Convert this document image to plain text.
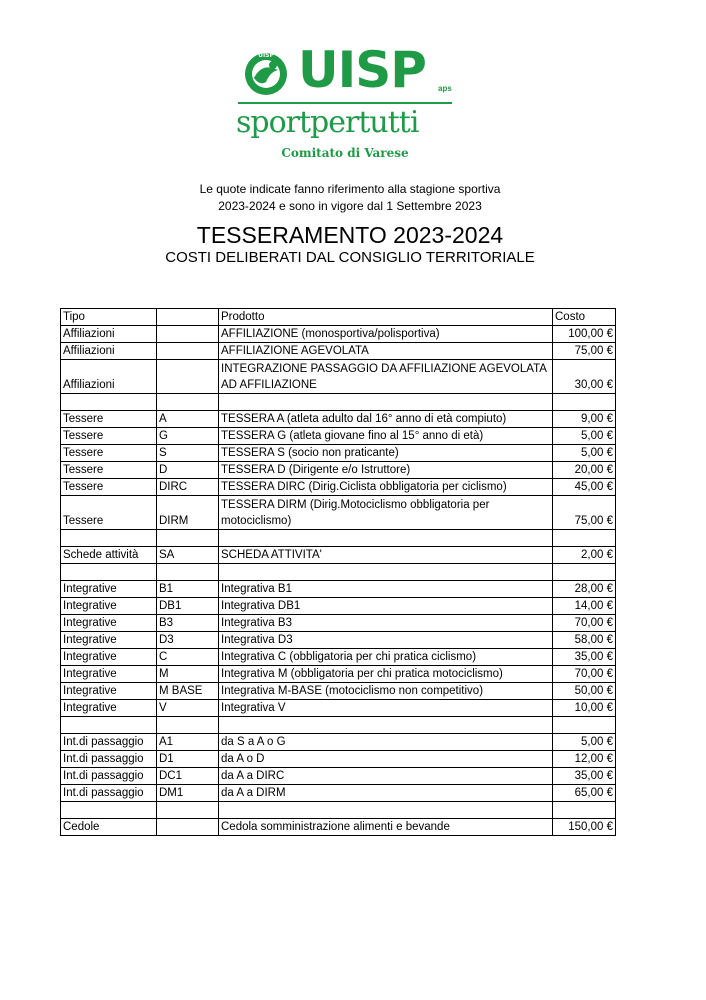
UISP UISP aps
sportpertutti
Comitato di Varese
Le quote indicate fanno riferimento alla stagione sportiva
2023-2024 e sono in vigore dal 1 Settembre 2023
TESSERAMENTO 2023-2024
COSTI DELIBERATI DAL CONSIGLIO TERRITORIALE
Tipo		Prodotto	Costo
Affiliazioni		AFFILIAZIONE (monosportiva/polisportiva)	100,00 €
Affiliazioni		AFFILIAZIONE AGEVOLATA	75,00 €
Affiliazioni		INTEGRAZIONE PASSAGGIO DA AFFILIAZIONE AGEVOLATA AD AFFILIAZIONE	30,00 €

Tessere	A	TESSERA A (atleta adulto dal 16° anno di età compiuto)	9,00 €
Tessere	G	TESSERA G (atleta giovane fino al 15° anno di età)	5,00 €
Tessere	S	TESSERA S (socio non praticante)	5,00 €
Tessere	D	TESSERA D (Dirigente e/o Istruttore)	20,00 €
Tessere	DIRC	TESSERA DIRC (Dirig.Ciclista obbligatoria per ciclismo)	45,00 €
Tessere	DIRM	TESSERA DIRM (Dirig.Motociclismo obbligatoria per motociclismo)	75,00 €

Schede attività	SA	SCHEDA ATTIVITA'	2,00 €

Integrative	B1	Integrativa B1	28,00 €
Integrative	DB1	Integrativa DB1	14,00 €
Integrative	B3	Integrativa B3	70,00 €
Integrative	D3	Integrativa D3	58,00 €
Integrative	C	Integrativa C (obbligatoria per chi pratica ciclismo)	35,00 €
Integrative	M	Integrativa M (obbligatoria per chi pratica motociclismo)	70,00 €
Integrative	M BASE	Integrativa M-BASE (motociclismo non competitivo)	50,00 €
Integrative	V	Integrativa V	10,00 €

Int.di passaggio	A1	da S a A o G	5,00 €
Int.di passaggio	D1	da A o D	12,00 €
Int.di passaggio	DC1	da A a DIRC	35,00 €
Int.di passaggio	DM1	da A a DIRM	65,00 €

Cedole		Cedola somministrazione alimenti e bevande	150,00 €
